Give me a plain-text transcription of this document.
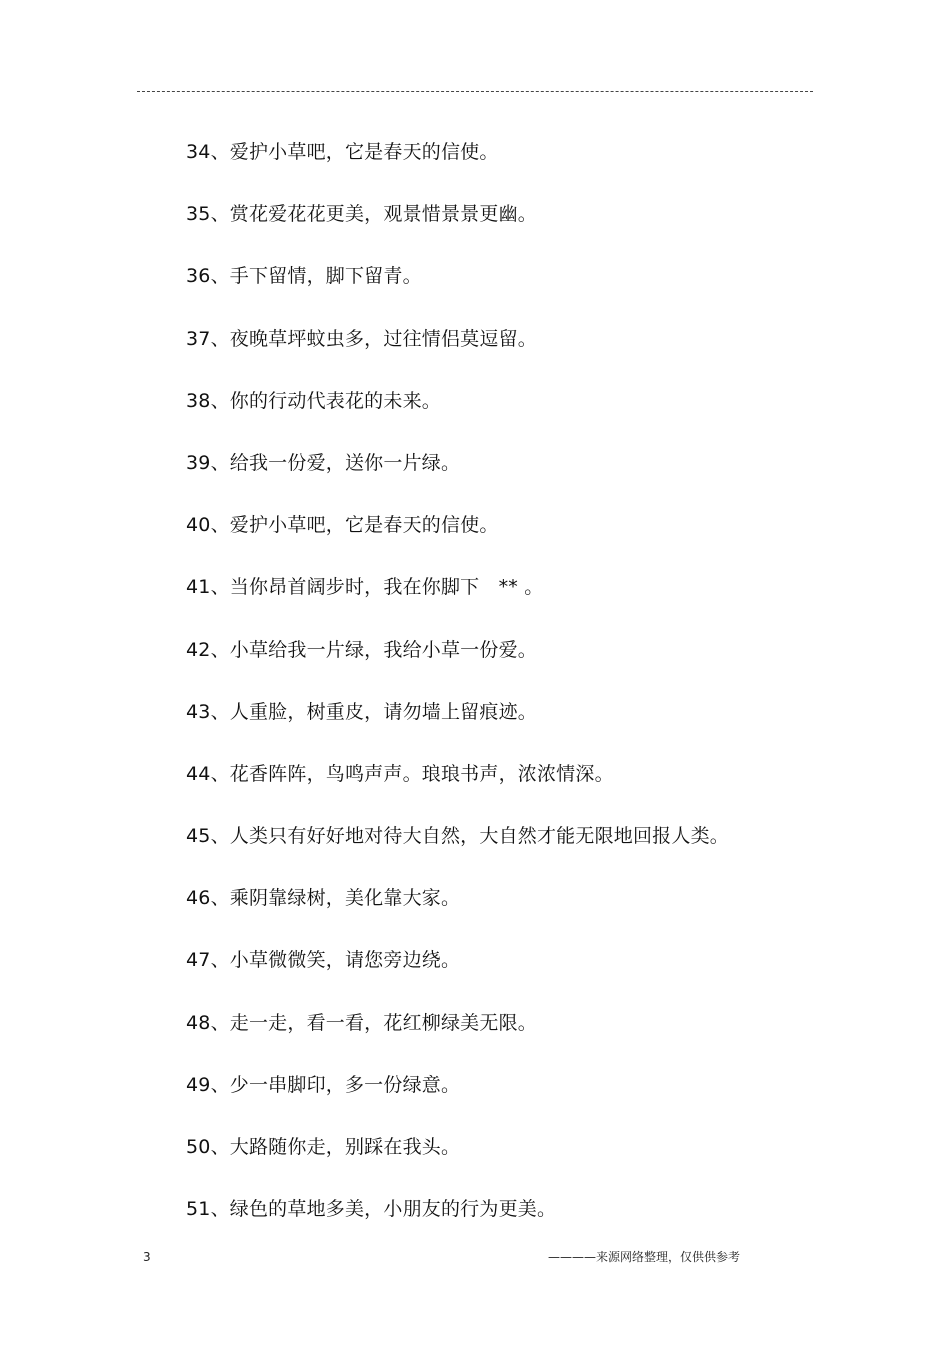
34、爱护小草吧，它是春天的信使。
35、赏花爱花花更美，观景惜景景更幽。
36、手下留情，脚下留青。
37、夜晚草坪蚊虫多，过往情侣莫逗留。
38、你的行动代表花的未来。
39、给我一份爱，送你一片绿。
40、爱护小草吧，它是春天的信使。
41、当你昂首阔步时，我在你脚下　** 。
42、小草给我一片绿，我给小草一份爱。
43、人重脸，树重皮，请勿墙上留痕迹。
44、花香阵阵，鸟鸣声声。琅琅书声，浓浓情深。
45、人类只有好好地对待大自然，大自然才能无限地回报人类。
46、乘阴靠绿树，美化靠大家。
47、小草微微笑，请您旁边绕。
48、走一走，看一看，花红柳绿美无限。
49、少一串脚印，多一份绿意。
50、大路随你走，别踩在我头。
51、绿色的草地多美，小朋友的行为更美。
3	————来源网络整理，仅供供参考
